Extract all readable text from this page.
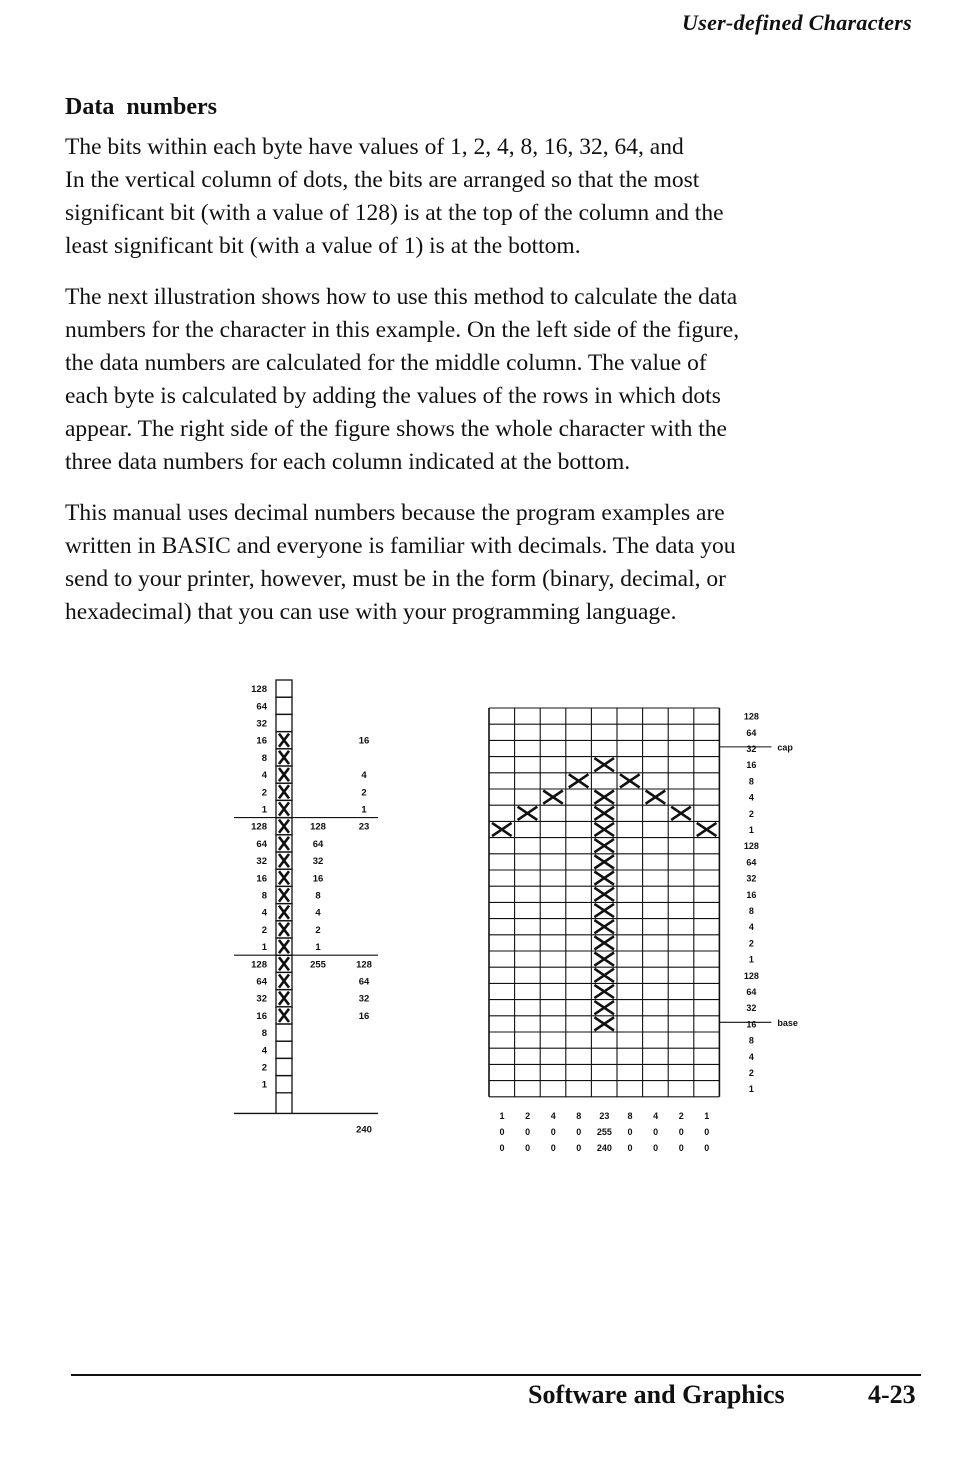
User-defined Characters
Data numbers

The bits within each byte have values of 1, 2, 4, 8, 16, 32, 64, and
In the vertical column of dots, the bits are arranged so that the most
significant bit (with a value of 128) is at the top of the column and the
least significant bit (with a value of 1) is at the bottom.

The next illustration shows how to use this method to calculate the data
numbers for the character in this example. On the left side of the figure,
the data numbers are calculated for the middle column. The value of
each byte is calculated by adding the values of the rows in which dots
appear. The right side of the figure shows the whole character with the
three data numbers for each column indicated at the bottom.

This manual uses decimal numbers because the program examples are
written in BASIC and everyone is familiar with decimals. The data you
send to your printer, however, must be in the form (binary, decimal, or
hexadecimal) that you can use with your programming language.

128
64
32
16
8
4
2
1
128
64
32
16
8
4
2
1
128
64
32
16
8
4
2
1
16
4
2
1
23
128
64
32
16
8
4
2
1
255	128
64
32
16
240
128
64
32
16
8
4
2
1
128
64
32
16
8
4
2
1
128
64
32
16
8
4
2
1
cap
base
1 2 4 8 23 8 4 2 1
0 0 0 0 255 0 0 0 0
0 0 0 0 240 0 0 0 0
Software and Graphics	4-23
